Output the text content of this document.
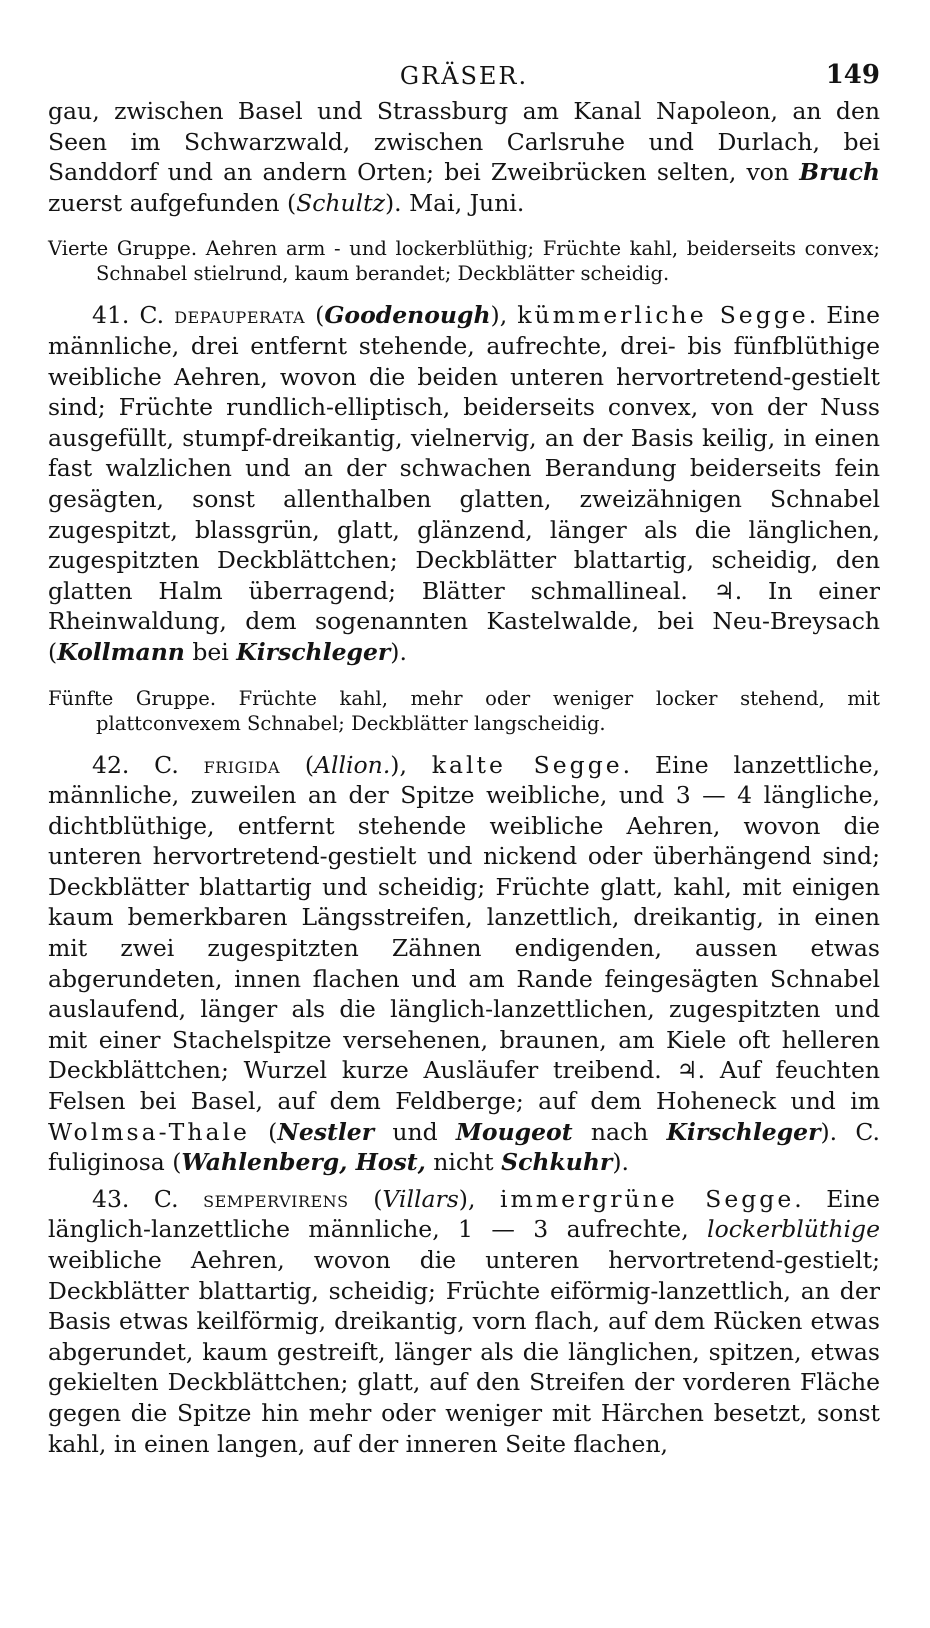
GRÄSER.	149

gau, zwischen Basel und Strassburg am Kanal Napoleon, an den Seen im Schwarzwald, zwischen Carlsruhe und Durlach, bei Sanddorf und an andern Orten; bei Zweibrücken selten, von Bruch zuerst aufgefunden (Schultz). Mai, Juni.

Vierte Gruppe. Aehren arm - und lockerblüthig; Früchte kahl, beiderseits convex; Schnabel stielrund, kaum berandet; Deckblätter scheidig.

41. C. depauperata (Goodenough), kümmerliche Segge. Eine männliche, drei entfernt stehende, aufrechte, drei- bis fünfblüthige weibliche Aehren, wovon die beiden unteren hervortretend-gestielt sind; Früchte rundlich-elliptisch, beiderseits convex, von der Nuss ausgefüllt, stumpf-dreikantig, vielnervig, an der Basis keilig, in einen fast walzlichen und an der schwachen Berandung beiderseits fein gesägten, sonst allenthalben glatten, zweizähnigen Schnabel zugespitzt, blassgrün, glatt, glänzend, länger als die länglichen, zugespitzten Deckblättchen; Deckblätter blattartig, scheidig, den glatten Halm überragend; Blätter schmallineal. ♃. In einer Rheinwaldung, dem sogenannten Kastelwalde, bei Neu-Breysach (Kollmann bei Kirschleger).

Fünfte Gruppe. Früchte kahl, mehr oder weniger locker stehend, mit plattconvexem Schnabel; Deckblätter langscheidig.

42. C. frigida (Allion.), kalte Segge. Eine lanzettliche, männliche, zuweilen an der Spitze weibliche, und 3 — 4 längliche, dichtblüthige, entfernt stehende weibliche Aehren, wovon die unteren hervortretend-gestielt und nickend oder überhängend sind; Deckblätter blattartig und scheidig; Früchte glatt, kahl, mit einigen kaum bemerkbaren Längsstreifen, lanzettlich, dreikantig, in einen mit zwei zugespitzten Zähnen endigenden, aussen etwas abgerundeten, innen flachen und am Rande feingesägten Schnabel auslaufend, länger als die länglich-lanzettlichen, zugespitzten und mit einer Stachelspitze versehenen, braunen, am Kiele oft helleren Deckblättchen; Wurzel kurze Ausläufer treibend. ♃. Auf feuchten Felsen bei Basel, auf dem Feldberge; auf dem Hoheneck und im Wolmsa-Thale (Nestler und Mougeot nach Kirschleger). C. fuliginosa (Wahlenberg, Host, nicht Schkuhr).

43. C. sempervirens (Villars), immergrüne Segge. Eine länglich-lanzettliche männliche, 1 — 3 aufrechte, lockerblüthige weibliche Aehren, wovon die unteren hervortretend-gestielt; Deckblätter blattartig, scheidig; Früchte eiförmig-lanzettlich, an der Basis etwas keilförmig, dreikantig, vorn flach, auf dem Rücken etwas abgerundet, kaum gestreift, länger als die länglichen, spitzen, etwas gekielten Deckblättchen; glatt, auf den Streifen der vorderen Fläche gegen die Spitze hin mehr oder weniger mit Härchen besetzt, sonst kahl, in einen langen, auf der inneren Seite flachen,
